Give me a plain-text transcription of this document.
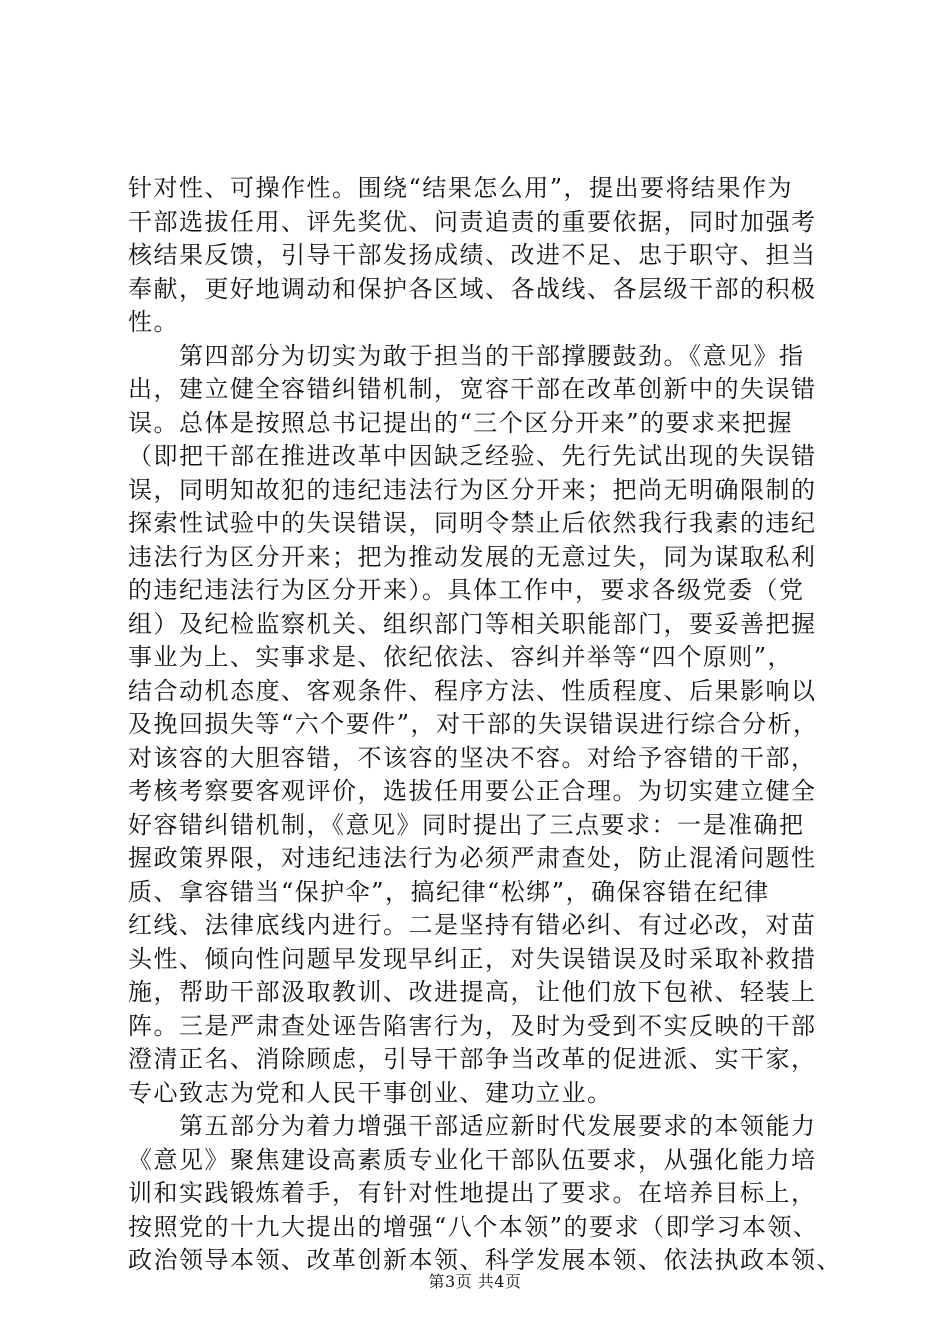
针对性、可操作性。围绕“结果怎么用”，提出要将结果作为
干部选拔任用、评先奖优、问责追责的重要依据，同时加强考
核结果反馈，引导干部发扬成绩、改进不足、忠于职守、担当
奉献，更好地调动和保护各区域、各战线、各层级干部的积极
性。
　　第四部分为切实为敢于担当的干部撑腰鼓劲。《意见》指
出，建立健全容错纠错机制，宽容干部在改革创新中的失误错
误。总体是按照总书记提出的“三个区分开来”的要求来把握
（即把干部在推进改革中因缺乏经验、先行先试出现的失误错
误，同明知故犯的违纪违法行为区分开来；把尚无明确限制的
探索性试验中的失误错误，同明令禁止后依然我行我素的违纪
违法行为区分开来；把为推动发展的无意过失，同为谋取私利
的违纪违法行为区分开来）。具体工作中，要求各级党委（党
组）及纪检监察机关、组织部门等相关职能部门，要妥善把握
事业为上、实事求是、依纪依法、容纠并举等“四个原则”，
结合动机态度、客观条件、程序方法、性质程度、后果影响以
及挽回损失等“六个要件”，对干部的失误错误进行综合分析，
对该容的大胆容错，不该容的坚决不容。对给予容错的干部，
考核考察要客观评价，选拔任用要公正合理。为切实建立健全
好容错纠错机制，《意见》同时提出了三点要求：一是准确把
握政策界限，对违纪违法行为必须严肃查处，防止混淆问题性
质、拿容错当“保护伞”，搞纪律“松绑”，确保容错在纪律
红线、法律底线内进行。二是坚持有错必纠、有过必改，对苗
头性、倾向性问题早发现早纠正，对失误错误及时采取补救措
施，帮助干部汲取教训、改进提高，让他们放下包袱、轻装上
阵。三是严肃查处诬告陷害行为，及时为受到不实反映的干部
澄清正名、消除顾虑，引导干部争当改革的促进派、实干家，
专心致志为党和人民干事创业、建功立业。
　　第五部分为着力增强干部适应新时代发展要求的本领能力
《意见》聚焦建设高素质专业化干部队伍要求，从强化能力培
训和实践锻炼着手，有针对性地提出了要求。在培养目标上，
按照党的十九大提出的增强“八个本领”的要求（即学习本领、
政治领导本领、改革创新本领、科学发展本领、依法执政本领、
第3页 共4页
